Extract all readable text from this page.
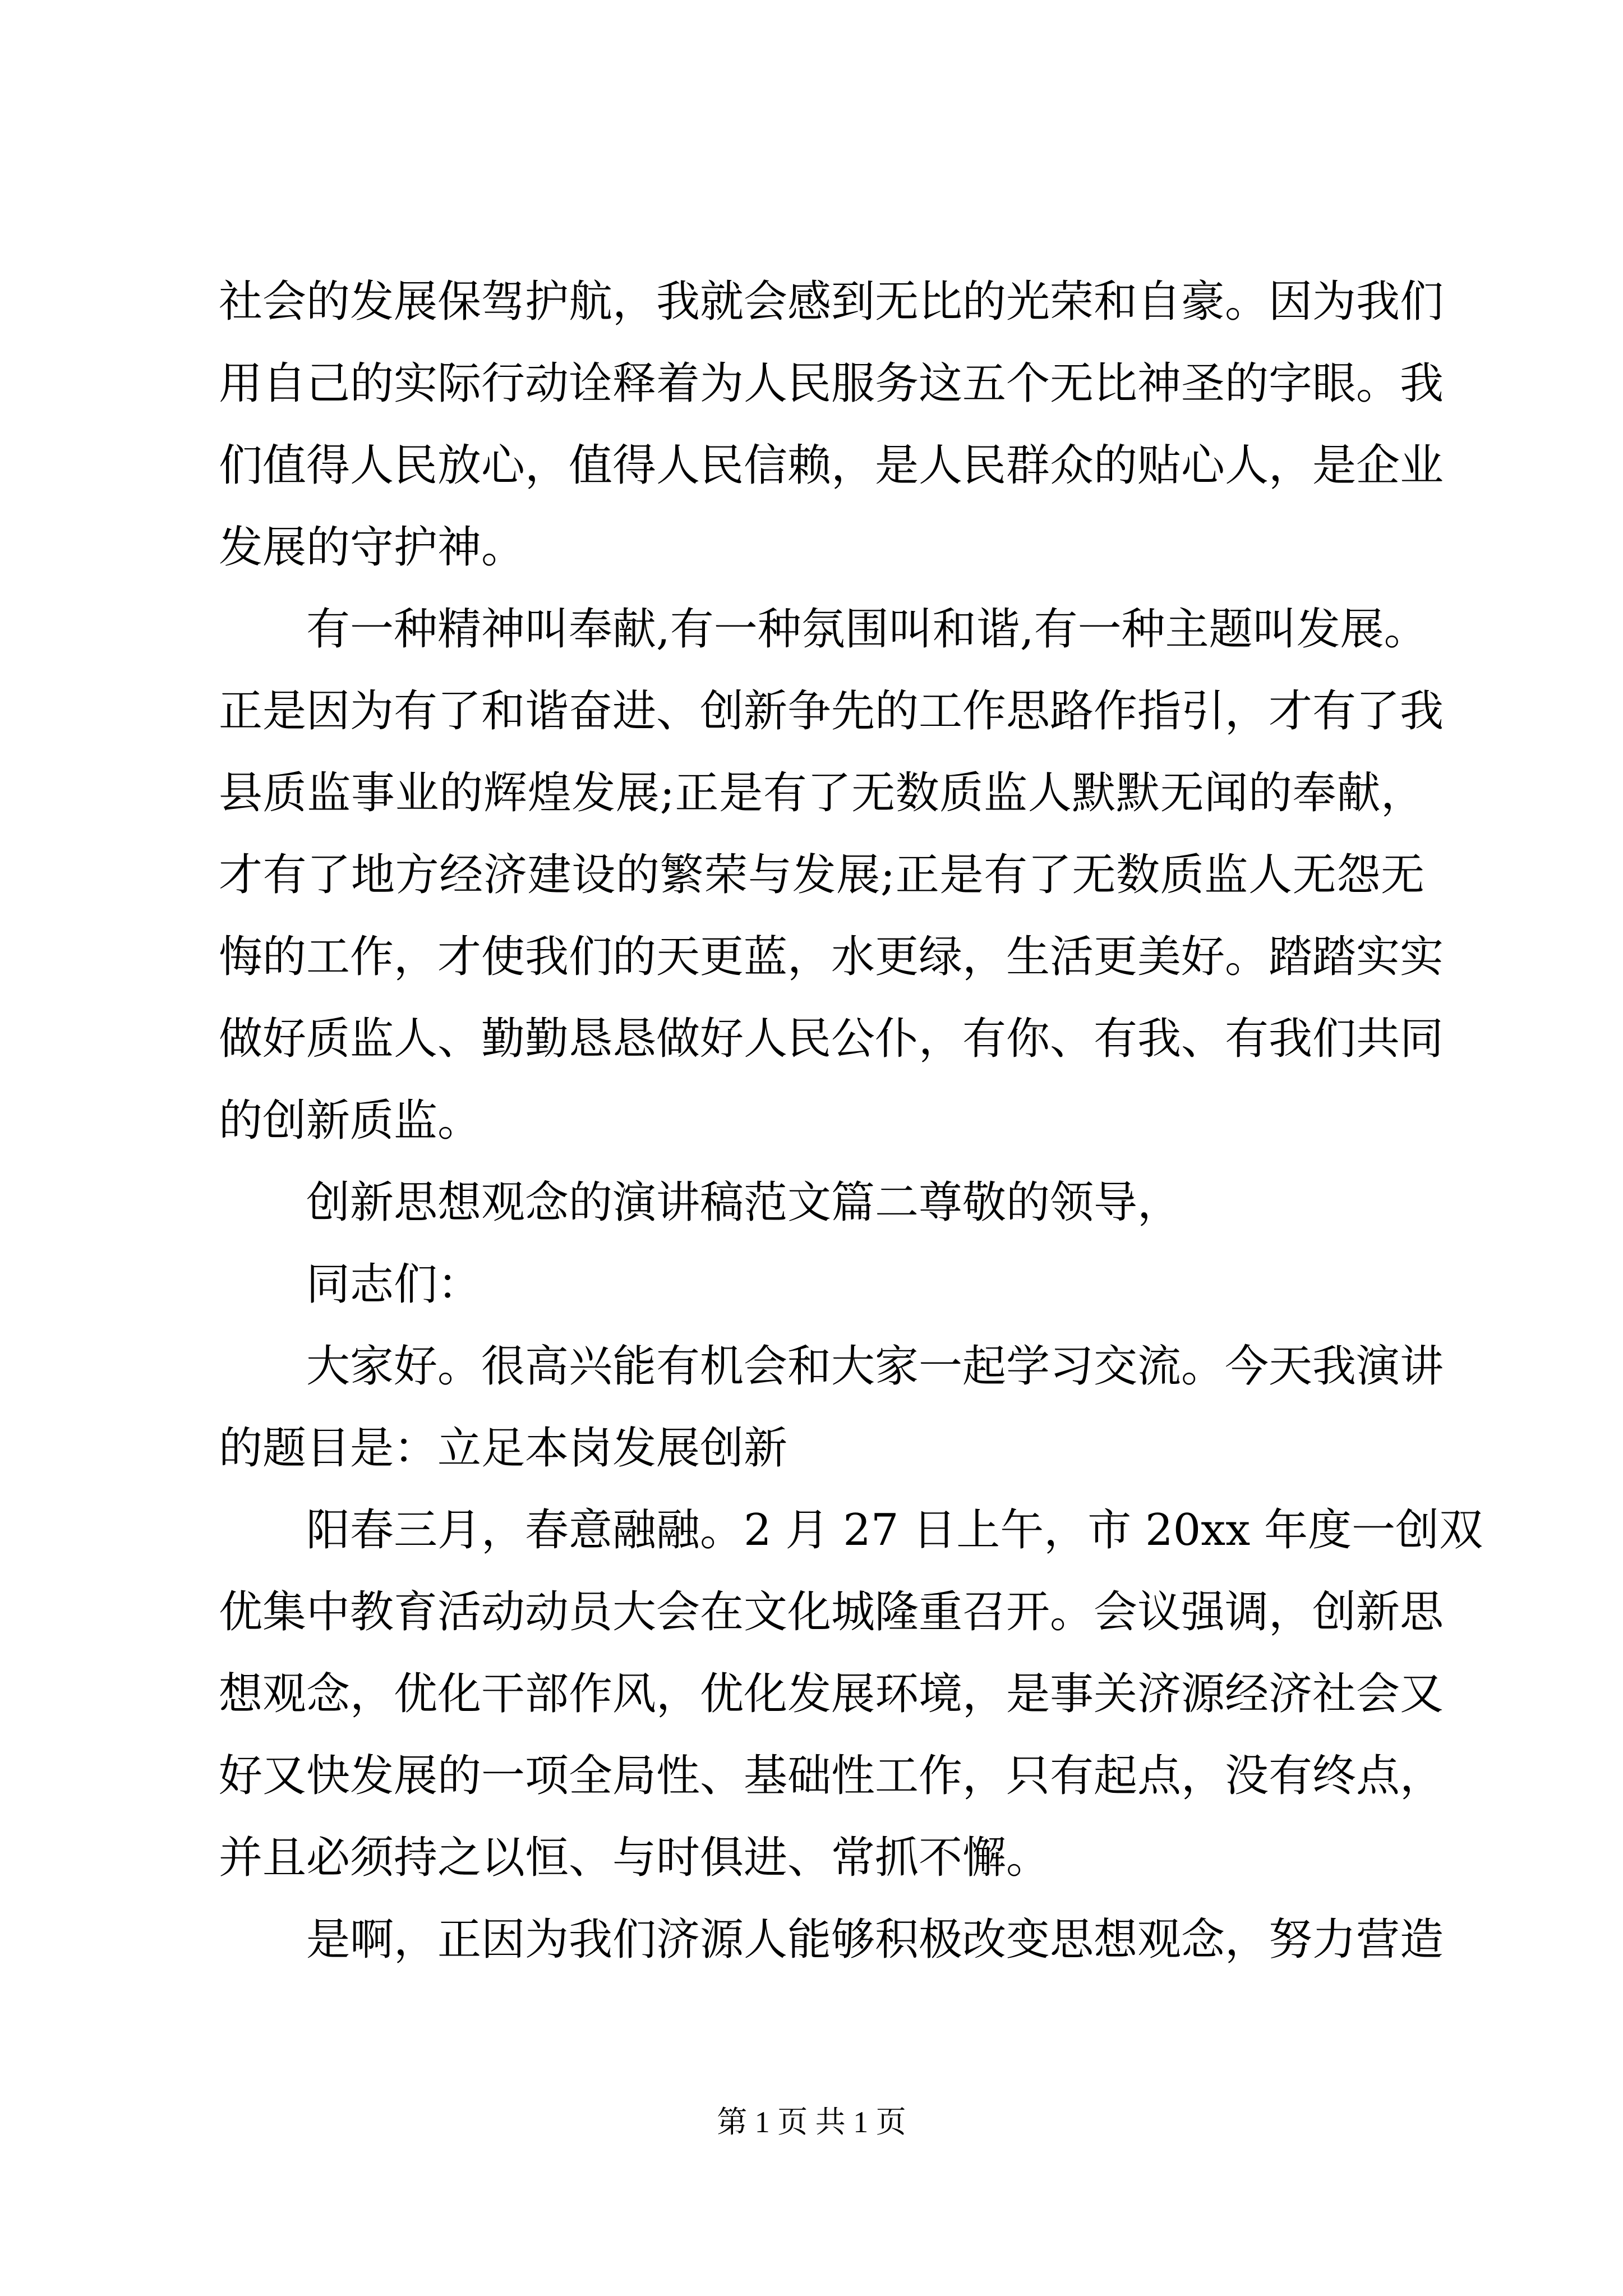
社会的发展保驾护航，我就会感到无比的光荣和自豪。因为我们
用自己的实际行动诠释着为人民服务这五个无比神圣的字眼。我
们值得人民放心，值得人民信赖，是人民群众的贴心人，是企业
发展的守护神。
有一种精神叫奉献,有一种氛围叫和谐,有一种主题叫发展。
正是因为有了和谐奋进、创新争先的工作思路作指引，才有了我
县质监事业的辉煌发展;正是有了无数质监人默默无闻的奉献，
才有了地方经济建设的繁荣与发展;正是有了无数质监人无怨无
悔的工作，才使我们的天更蓝，水更绿，生活更美好。踏踏实实
做好质监人、勤勤恳恳做好人民公仆，有你、有我、有我们共同
的创新质监。
创新思想观念的演讲稿范文篇二尊敬的领导，
同志们：
大家好。很高兴能有机会和大家一起学习交流。今天我演讲
的题目是：立足本岗发展创新
阳春三月，春意融融。2 月 27 日上午，市 20xx 年度一创双
优集中教育活动动员大会在文化城隆重召开。会议强调，创新思
想观念，优化干部作风，优化发展环境，是事关济源经济社会又
好又快发展的一项全局性、基础性工作，只有起点，没有终点，
并且必须持之以恒、与时俱进、常抓不懈。
是啊，正因为我们济源人能够积极改变思想观念，努力营造
第 1 页 共 1 页
